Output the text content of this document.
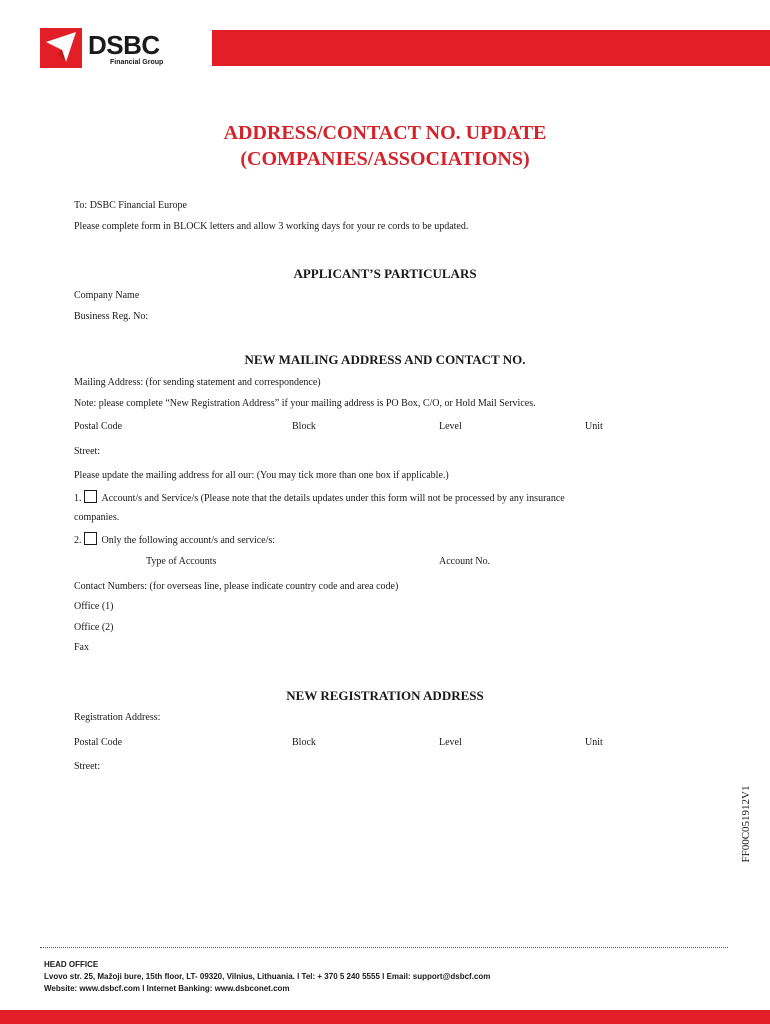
DSBC
Financial Group
ADDRESS/CONTACT NO. UPDATE
(COMPANIES/ASSOCIATIONS)
To: DSBC Financial Europe
Please complete form in BLOCK letters and allow 3 working days for your re cords to be updated.
APPLICANT’S PARTICULARS
Company Name
Business Reg. No:
NEW MAILING ADDRESS AND CONTACT NO.
Mailing Address: (for sending statement and correspondence)
Note: please complete “New Registration Address” if your mailing address is PO Box, C/O, or Hold Mail Services.
Postal Code	Block	Level	Unit
Street:
Please update the mailing address for all our: (You may tick more than one box if applicable.)
1. Account/s and Service/s (Please note that the details updates under this form will not be processed by any insurance
companies.
2. Only the following account/s and service/s:
Type of Accounts	Account No.
Contact Numbers: (for overseas line, please indicate country code and area code)
Office (1)
Office (2)
Fax
NEW REGISTRATION ADDRESS
Registration Address:
Postal Code	Block	Level	Unit
Street:
FF00C051912V1
HEAD OFFICE
Lvovo str. 25, Mažoji bure, 15th floor, LT- 09320, Vilnius, Lithuania. l Tel: + 370 5 240 5555 l Email: support@dsbcf.com
Website: www.dsbcf.com l Internet Banking: www.dsbconet.com
